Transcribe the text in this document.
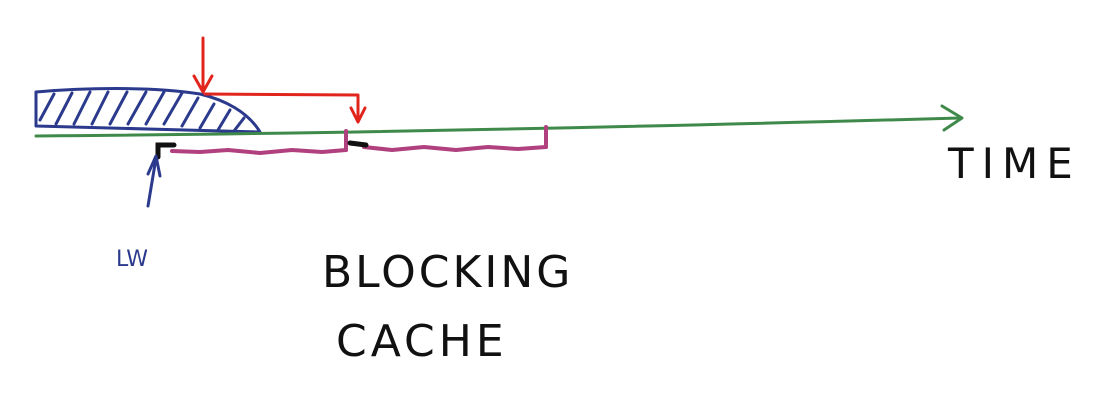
TIME
LW	BLOCKING
CACHE
